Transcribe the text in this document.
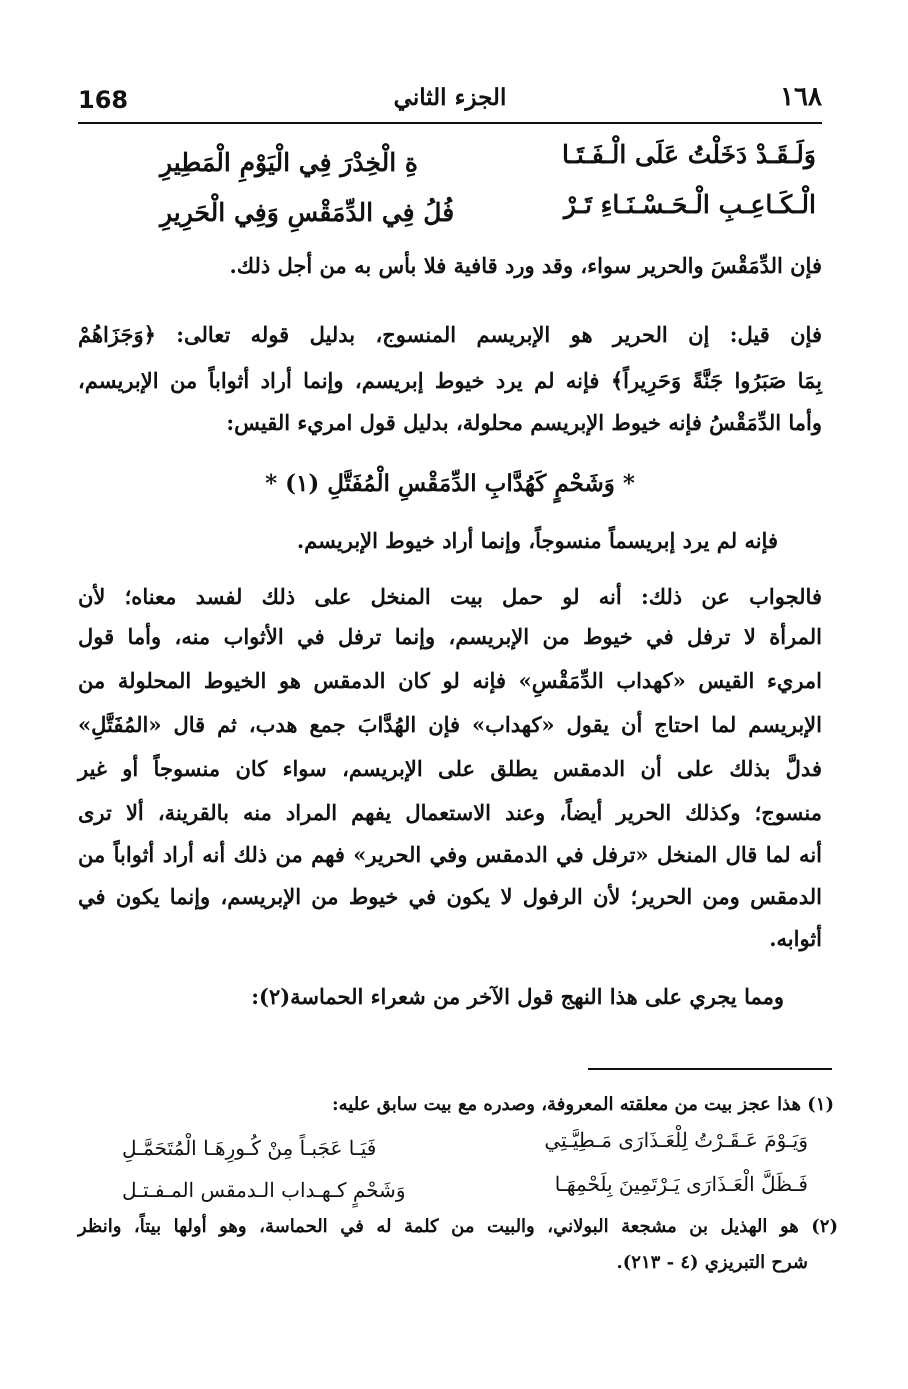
168	الجزء الثاني	١٦٨
وَلَـقَـدْ دَخَلْتُ عَلَى الْـفَـتَـا
ةِ الْخِدْرَ فِي الْيَوْمِ الْمَطِيرِ
الْـكَـاعِـبِ الْـحَـسْـنَـاءِ تَـرْ
فُلُ فِي الدِّمَقْسِ وَفِي الْحَرِيرِ
فإن الدِّمَقْسَ والحرير سواء، وقد ورد قافية فلا بأس به من أجل ذلك.
فإن قيل: إن الحرير هو الإبريسم المنسوج، بدليل قوله تعالى: ﴿وَجَزَاهُمْ
بِمَا صَبَرُوا جَنَّةً وَحَرِيراً﴾ فإنه لم يرد خيوط إبريسم، وإنما أراد أثواباً من الإبريسم،
وأما الدِّمَقْسُ فإنه خيوط الإبريسم محلولة، بدليل قول امريء القيس:
* وَشَحْمٍ كَهُدَّابِ الدِّمَقْسِ الْمُفَتَّلِ (١) *
فإنه لم يرد إبريسماً منسوجاً، وإنما أراد خيوط الإبريسم.
فالجواب عن ذلك: أنه لو حمل بيت المنخل على ذلك لفسد معناه؛ لأن
المرأة لا ترفل في خيوط من الإبريسم، وإنما ترفل في الأثواب منه، وأما قول
امريء القيس «كهداب الدِّمَقْسِ» فإنه لو كان الدمقس هو الخيوط المحلولة من
الإبريسم لما احتاج أن يقول «كهداب» فإن الهُدَّابَ جمع هدب، ثم قال «المُفَتَّلِ»
فدلَّ بذلك على أن الدمقس يطلق على الإبريسم، سواء كان منسوجاً أو غير
منسوج؛ وكذلك الحرير أيضاً، وعند الاستعمال يفهم المراد منه بالقرينة، ألا ترى
أنه لما قال المنخل «ترفل في الدمقس وفي الحرير» فهم من ذلك أنه أراد أثواباً من
الدمقس ومن الحرير؛ لأن الرفول لا يكون في خيوط من الإبريسم، وإنما يكون في
أثوابه.
ومما يجري على هذا النهج قول الآخر من شعراء الحماسة(٢):
(١) هذا عجز بيت من معلقته المعروفة، وصدره مع بيت سابق عليه:
وَيَـوْمَ عَـقَـرْتُ لِلْعَـذَارَى مَـطِيَّـتِي
فَيَـا عَجَبـاً مِنْ كُـورِهَـا الْمُتَحَمَّـلِ
فَـظَلَّ الْعَـذَارَى يَـرْتَمِينَ بِلَحْمِهَـا
وَشَحْمٍ كـهـداب الـدمقس المـفـتـل
(٢) هو الهذيل بن مشجعة البولاني، والبيت من كلمة له في الحماسة، وهو أولها بيتاً، وانظر
شرح التبريزي (٤ - ٢١٣).
